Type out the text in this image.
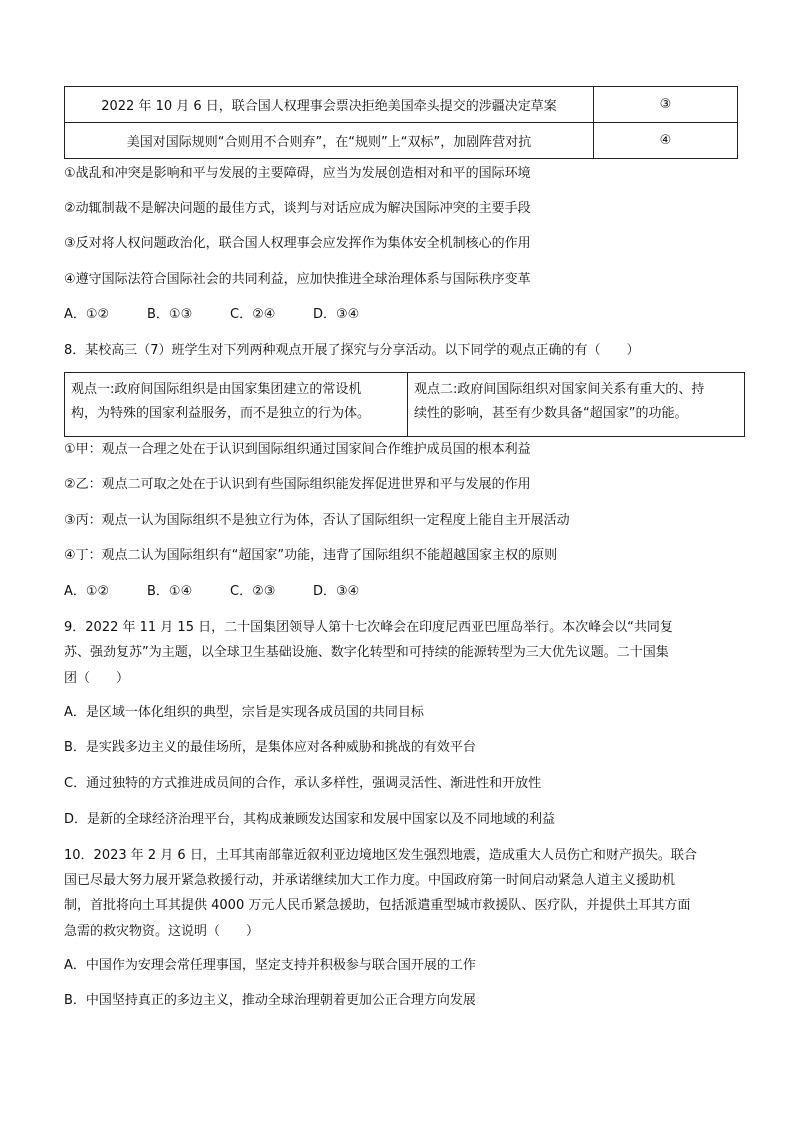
2022 年 10 月 6 日，联合国人权理事会票决拒绝美国牵头提交的涉疆决定草案	③
美国对国际规则“合则用不合则弃”，在“规则”上“双标”，加剧阵营对抗	④
①战乱和冲突是影响和平与发展的主要障碍，应当为发展创造相对和平的国际环境
②动辄制裁不是解决问题的最佳方式，谈判与对话应成为解决国际冲突的主要手段
③反对将人权问题政治化，联合国人权理事会应发挥作为集体安全机制核心的作用
④遵守国际法符合国际社会的共同利益，应加快推进全球治理体系与国际秩序变革
A．①②	B．①③	C．②④	D．③④
8．某校高三（7）班学生对下列两种观点开展了探究与分享活动。以下同学的观点正确的有（　　）
观点一:政府间国际组织是由国家集团建立的常设机
构，为特殊的国家利益服务，而不是独立的行为体。

观点二:政府间国际组织对国家间关系有重大的、持
续性的影响，甚至有少数具备“超国家”的功能。
①甲：观点一合理之处在于认识到国际组织通过国家间合作维护成员国的根本利益
②乙：观点二可取之处在于认识到有些国际组织能发挥促进世界和平与发展的作用
③丙：观点一认为国际组织不是独立行为体，否认了国际组织一定程度上能自主开展活动
④丁：观点二认为国际组织有“超国家”功能，违背了国际组织不能超越国家主权的原则
A．①②	B．①④	C．②③	D．③④
9．2022 年 11 月 15 日，二十国集团领导人第十七次峰会在印度尼西亚巴厘岛举行。本次峰会以“共同复
苏、强劲复苏”为主题，以全球卫生基础设施、数字化转型和可持续的能源转型为三大优先议题。二十国集
团（　　）
A．是区域一体化组织的典型，宗旨是实现各成员国的共同目标
B．是实践多边主义的最佳场所，是集体应对各种威胁和挑战的有效平台
C．通过独特的方式推进成员间的合作，承认多样性，强调灵活性、渐进性和开放性
D．是新的全球经济治理平台，其构成兼顾发达国家和发展中国家以及不同地域的利益
10．2023 年 2 月 6 日，土耳其南部靠近叙利亚边境地区发生强烈地震，造成重大人员伤亡和财产损失。联合
国已尽最大努力展开紧急救援行动，并承诺继续加大工作力度。中国政府第一时间启动紧急人道主义援助机
制，首批将向土耳其提供 4000 万元人民币紧急援助，包括派遣重型城市救援队、医疗队，并提供土耳其方面
急需的救灾物资。这说明（　　）
A．中国作为安理会常任理事国，坚定支持并积极参与联合国开展的工作
B．中国坚持真正的多边主义，推动全球治理朝着更加公正合理方向发展
